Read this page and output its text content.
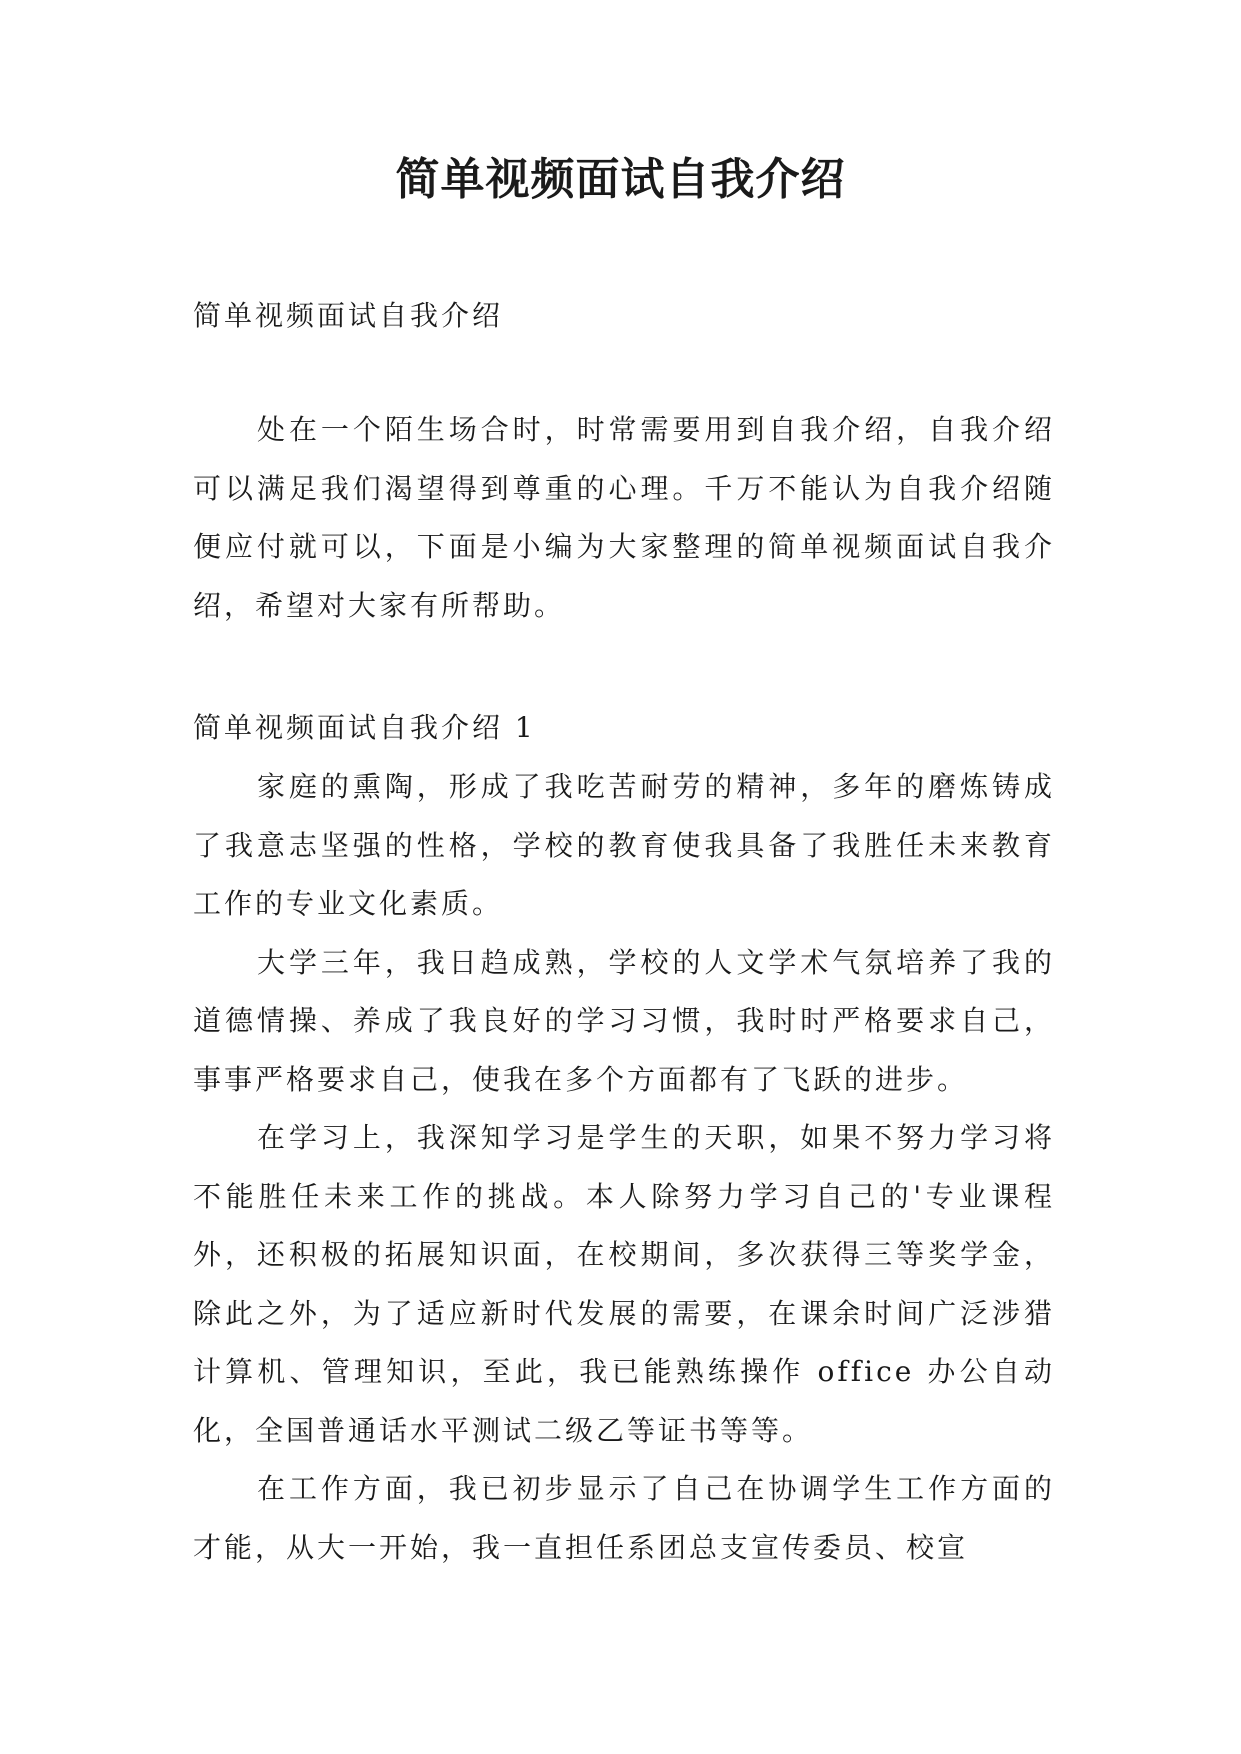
简单视频面试自我介绍

简单视频面试自我介绍

处在一个陌生场合时，时常需要用到自我介绍，自我介绍可以满足我们渴望得到尊重的心理。千万不能认为自我介绍随便应付就可以，下面是小编为大家整理的简单视频面试自我介绍，希望对大家有所帮助。

简单视频面试自我介绍 1

家庭的熏陶，形成了我吃苦耐劳的精神，多年的磨炼铸成了我意志坚强的性格，学校的教育使我具备了我胜任未来教育工作的专业文化素质。

大学三年，我日趋成熟，学校的人文学术气氛培养了我的道德情操、养成了我良好的学习习惯，我时时严格要求自己，事事严格要求自己，使我在多个方面都有了飞跃的进步。

在学习上，我深知学习是学生的天职，如果不努力学习将不能胜任未来工作的挑战。本人除努力学习自己的'专业课程外，还积极的拓展知识面，在校期间，多次获得三等奖学金，除此之外，为了适应新时代发展的需要，在课余时间广泛涉猎计算机、管理知识，至此，我已能熟练操作 office 办公自动化，全国普通话水平测试二级乙等证书等等。

在工作方面，我已初步显示了自己在协调学生工作方面的才能，从大一开始，我一直担任系团总支宣传委员、校宣
